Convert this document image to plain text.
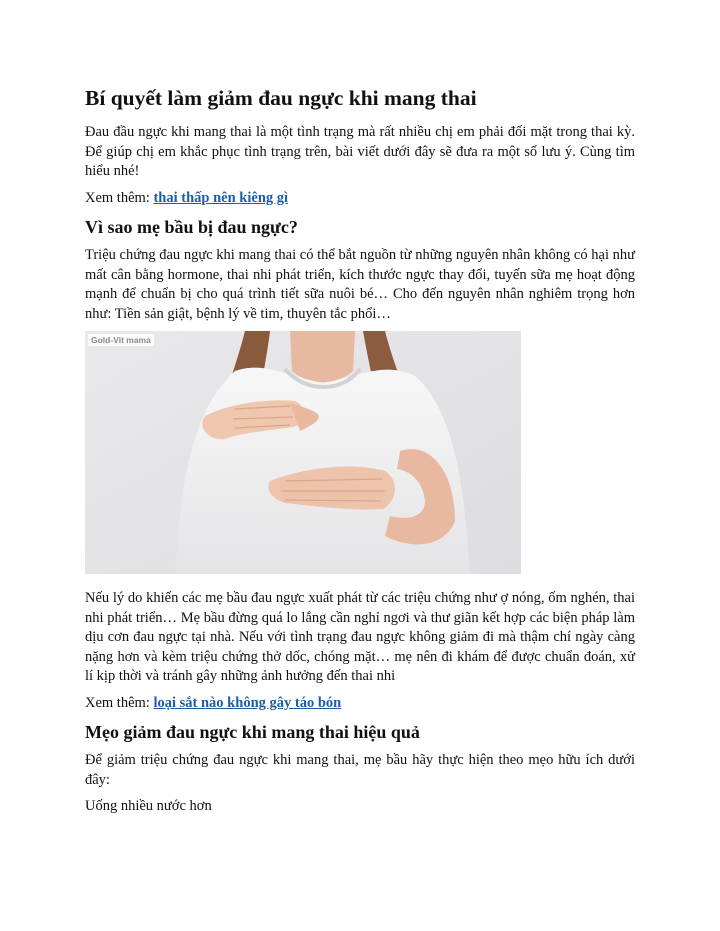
Bí quyết làm giảm đau ngực khi mang thai

Đau đầu ngực khi mang thai là một tình trạng mà rất nhiều chị em phải đối mặt trong thai kỳ. Để giúp chị em khắc phục tình trạng trên, bài viết dưới đây sẽ đưa ra một số lưu ý. Cùng tìm hiểu nhé!

Xem thêm: thai thấp nên kiêng gì

Vì sao mẹ bầu bị đau ngực?

Triệu chứng đau ngực khi mang thai có thể bắt nguồn từ những nguyên nhân không có hại như mất cân bằng hormone, thai nhi phát triển, kích thước ngực thay đổi, tuyến sữa mẹ hoạt động mạnh để chuẩn bị cho quá trình tiết sữa nuôi bé… Cho đến nguyên nhân nghiêm trọng hơn như: Tiền sản giật, bệnh lý về tim, thuyên tắc phổi…

Gold-Vit mama

Nếu lý do khiến các mẹ bầu đau ngực xuất phát từ các triệu chứng như ợ nóng, ốm nghén, thai nhi phát triển… Mẹ bầu đừng quá lo lắng cần nghỉ ngơi và thư giãn kết hợp các biện pháp làm dịu cơn đau ngực tại nhà. Nếu với tình trạng đau ngực không giảm đi mà thậm chí ngày càng nặng hơn và kèm triệu chứng thở dốc, chóng mặt… mẹ nên đi khám để được chuẩn đoán, xử lí kịp thời và tránh gây những ảnh hưởng đến thai nhi

Xem thêm: loại sắt nào không gây táo bón

Mẹo giảm đau ngực khi mang thai hiệu quả

Để giảm triệu chứng đau ngực khi mang thai, mẹ bầu hãy thực hiện theo mẹo hữu ích dưới đây:

Uống nhiều nước hơn
